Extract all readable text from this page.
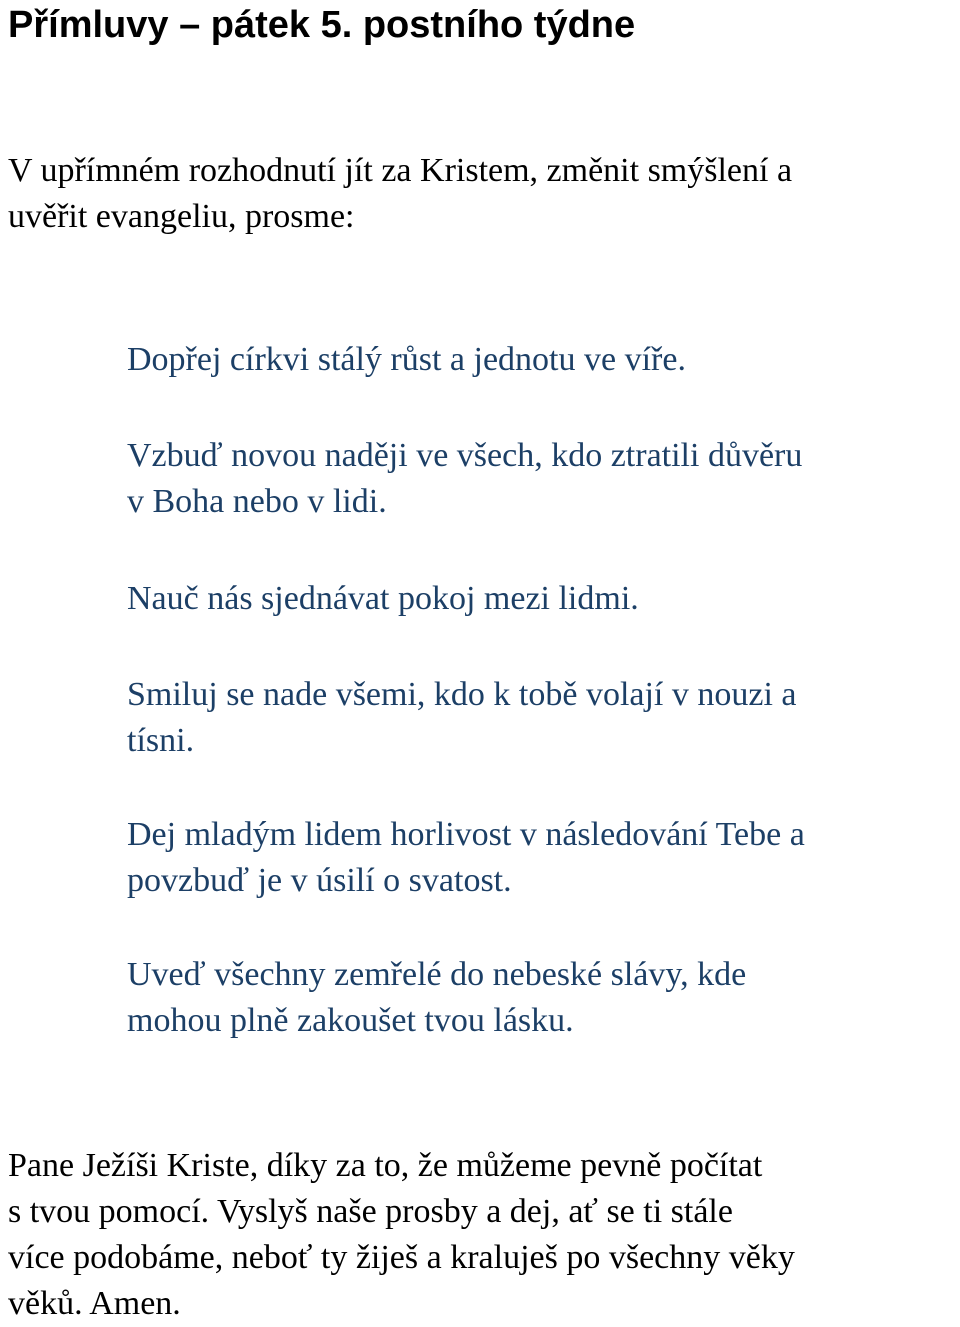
Přímluvy – pátek 5. postního týdne

V upřímném rozhodnutí jít za Kristem, změnit smýšlení a
uvěřit evangeliu, prosme:

Dopřej církvi stálý růst a jednotu ve víře.
Vzbuď novou naději ve všech, kdo ztratili důvěru
v Boha nebo v lidi.
Nauč nás sjednávat pokoj mezi lidmi.
Smiluj se nade všemi, kdo k tobě volají v nouzi a
tísni.
Dej mladým lidem horlivost v následování Tebe a
povzbuď je v úsilí o svatost.
Uveď všechny zemřelé do nebeské slávy, kde
mohou plně zakoušet tvou lásku.

Pane Ježíši Kriste, díky za to, že můžeme pevně počítat
s tvou pomocí. Vyslyš naše prosby a dej, ať se ti stále
více podobáme, neboť ty žiješ a kraluješ po všechny věky
věků. Amen.
